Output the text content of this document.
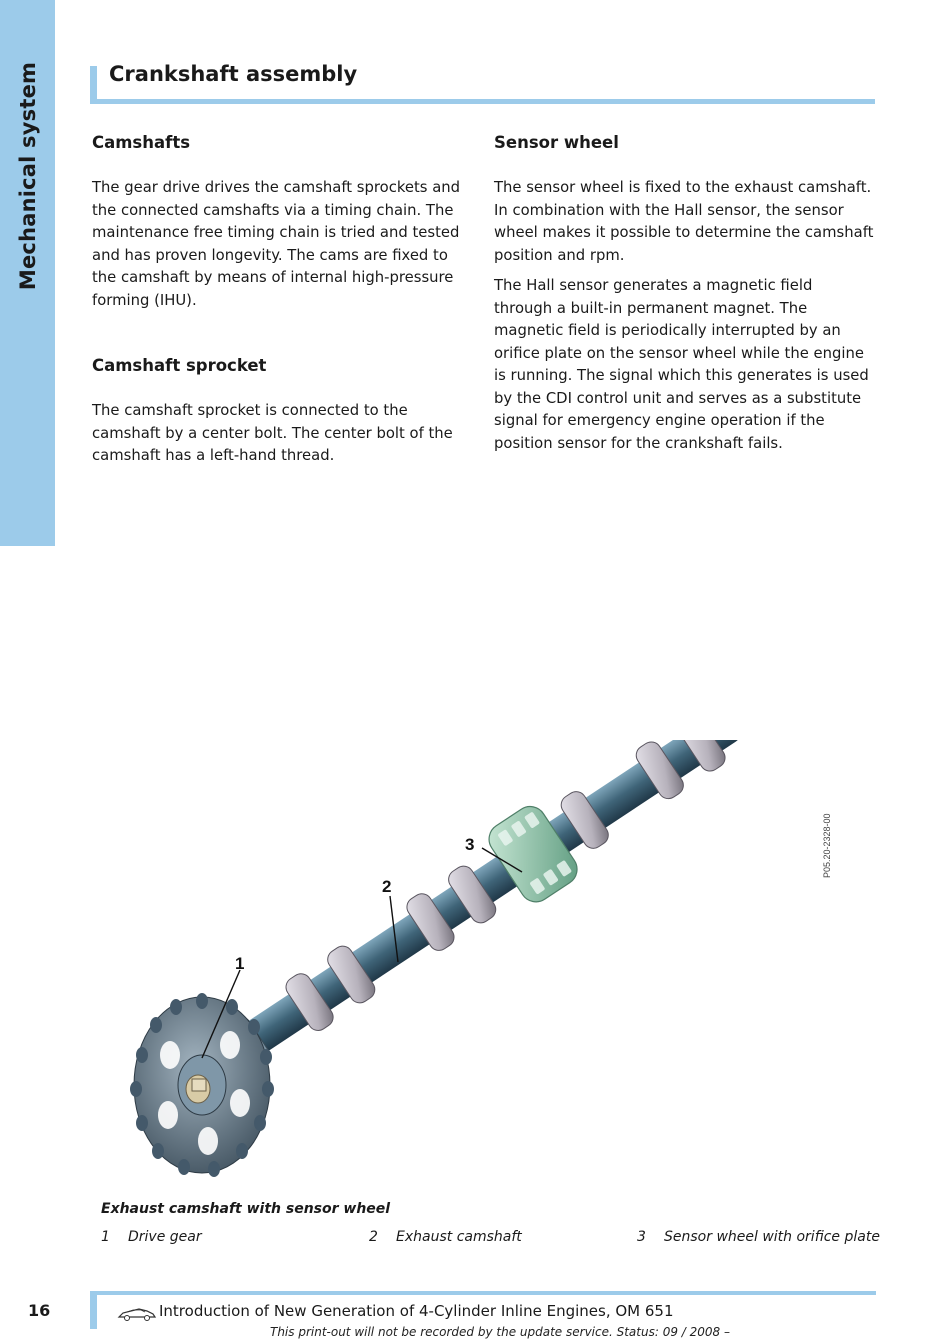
Mechanical system	Crankshaft assembly
Camshafts

The gear drive drives the camshaft sprockets and the connected camshafts via a timing chain. The maintenance free timing chain is tried and tested and has proven longevity. The cams are fixed to the camshaft by means of internal high-pressure forming (IHU).

Camshaft sprocket

The camshaft sprocket is connected to the camshaft by a center bolt. The center bolt of the camshaft has a left-hand thread.

Sensor wheel

The sensor wheel is fixed to the exhaust camshaft. In combination with the Hall sensor, the sensor wheel makes it possible to determine the camshaft position and rpm.

The Hall sensor generates a magnetic field through a built-in permanent magnet. The magnetic field is periodically interrupted by an orifice plate on the sensor wheel while the engine is running. The signal which this generates is used by the CDI control unit and serves as a substitute signal for emergency engine operation if the position sensor for the crankshaft fails.

1
2
3	P05.20-2328-00
Exhaust camshaft with sensor wheel
1 Drive gear	2 Exhaust camshaft	3 Sensor wheel with orifice plate
16	Introduction of New Generation of 4-Cylinder Inline Engines, OM 651
This print-out will not be recorded by the update service. Status: 09 / 2008 –
